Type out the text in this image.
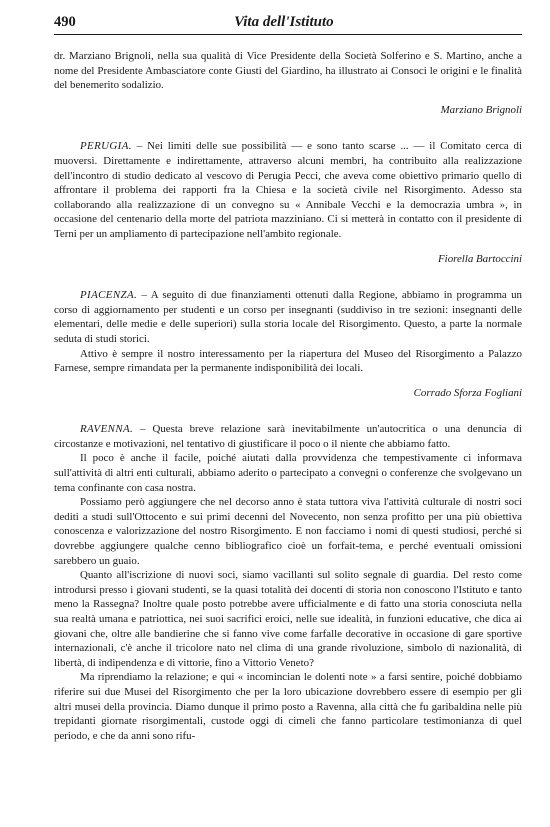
490	Vita dell'Istituto

dr. Marziano Brignoli, nella sua qualità di Vice Presidente della Società Solferino e S. Martino, anche a nome del Presidente Ambasciatore conte Giusti del Giardino, ha illustrato ai Consoci le origini e le finalità del benemerito sodalizio.

Marziano Brignoli

PERUGIA. – Nei limiti delle sue possibilità — e sono tanto scarse ... — il Comitato cerca di muoversi. Direttamente e indirettamente, attraverso alcuni membri, ha contribuito alla realizzazione dell'incontro di studio dedicato al vescovo di Perugia Pecci, che aveva come obiettivo primario quello di affrontare il problema dei rapporti fra la Chiesa e la società civile nel Risorgimento. Adesso sta collaborando alla realizzazione di un convegno su « Annibale Vecchi e la democrazia umbra », in occasione del centenario della morte del patriota mazziniano. Ci si metterà in contatto con il presidente di Terni per un ampliamento di partecipazione nell'ambito regionale.

Fiorella Bartoccini

PIACENZA. – A seguito di due finanziamenti ottenuti dalla Regione, abbiamo in programma un corso di aggiornamento per studenti e un corso per insegnanti (suddiviso in tre sezioni: insegnanti delle elementari, delle medie e delle superiori) sulla storia locale del Risorgimento. Questo, a parte la normale seduta di studi storici.

Attivo è sempre il nostro interessamento per la riapertura del Museo del Risorgimento a Palazzo Farnese, sempre rimandata per la permanente indisponibilità dei locali.

Corrado Sforza Fogliani

RAVENNA. – Questa breve relazione sarà inevitabilmente un'autocritica o una denuncia di circostanze e motivazioni, nel tentativo di giustificare il poco o il niente che abbiamo fatto.

Il poco è anche il facile, poiché aiutati dalla provvidenza che tempestivamente ci informava sull'attività di altri enti culturali, abbiamo aderito o partecipato a convegni o conferenze che svolgevano un tema confinante con casa nostra.

Possiamo però aggiungere che nel decorso anno è stata tuttora viva l'attività culturale di nostri soci dediti a studi sull'Ottocento e sui primi decenni del Novecento, non senza profitto per una più obiettiva conoscenza e valorizzazione del nostro Risorgimento. E non facciamo i nomi di questi studiosi, perché si dovrebbe aggiungere qualche cenno bibliografico cioè un forfait-tema, e perché eventuali omissioni sarebbero un guaio.

Quanto all'iscrizione di nuovi soci, siamo vacillanti sul solito segnale di guardia. Del resto come introdursi presso i giovani studenti, se la quasi totalità dei docenti di storia non conoscono l'Istituto e tanto meno la Rassegna? Inoltre quale posto potrebbe avere ufficialmente e di fatto una storia conosciuta nella sua realtà umana e patriottica, nei suoi sacrifici eroici, nelle sue idealità, in funzioni educative, che dica ai giovani che, oltre alle bandierine che si fanno vive come farfalle decorative in occasione di gare sportive internazionali, c'è anche il tricolore nato nel clima di una grande rivoluzione, simbolo di nazionalità, di libertà, di indipendenza e di vittorie, fino a Vittorio Veneto?

Ma riprendiamo la relazione; e qui « incomincian le dolenti note » a farsi sentire, poiché dobbiamo riferire sui due Musei del Risorgimento che per la loro ubicazione dovrebbero essere di esempio per gli altri musei della provincia. Diamo dunque il primo posto a Ravenna, alla città che fu garibaldina nelle più trepidanti giornate risorgimentali, custode oggi di cimeli che fanno particolare testimonianza di quel periodo, e che da anni sono rifu-
